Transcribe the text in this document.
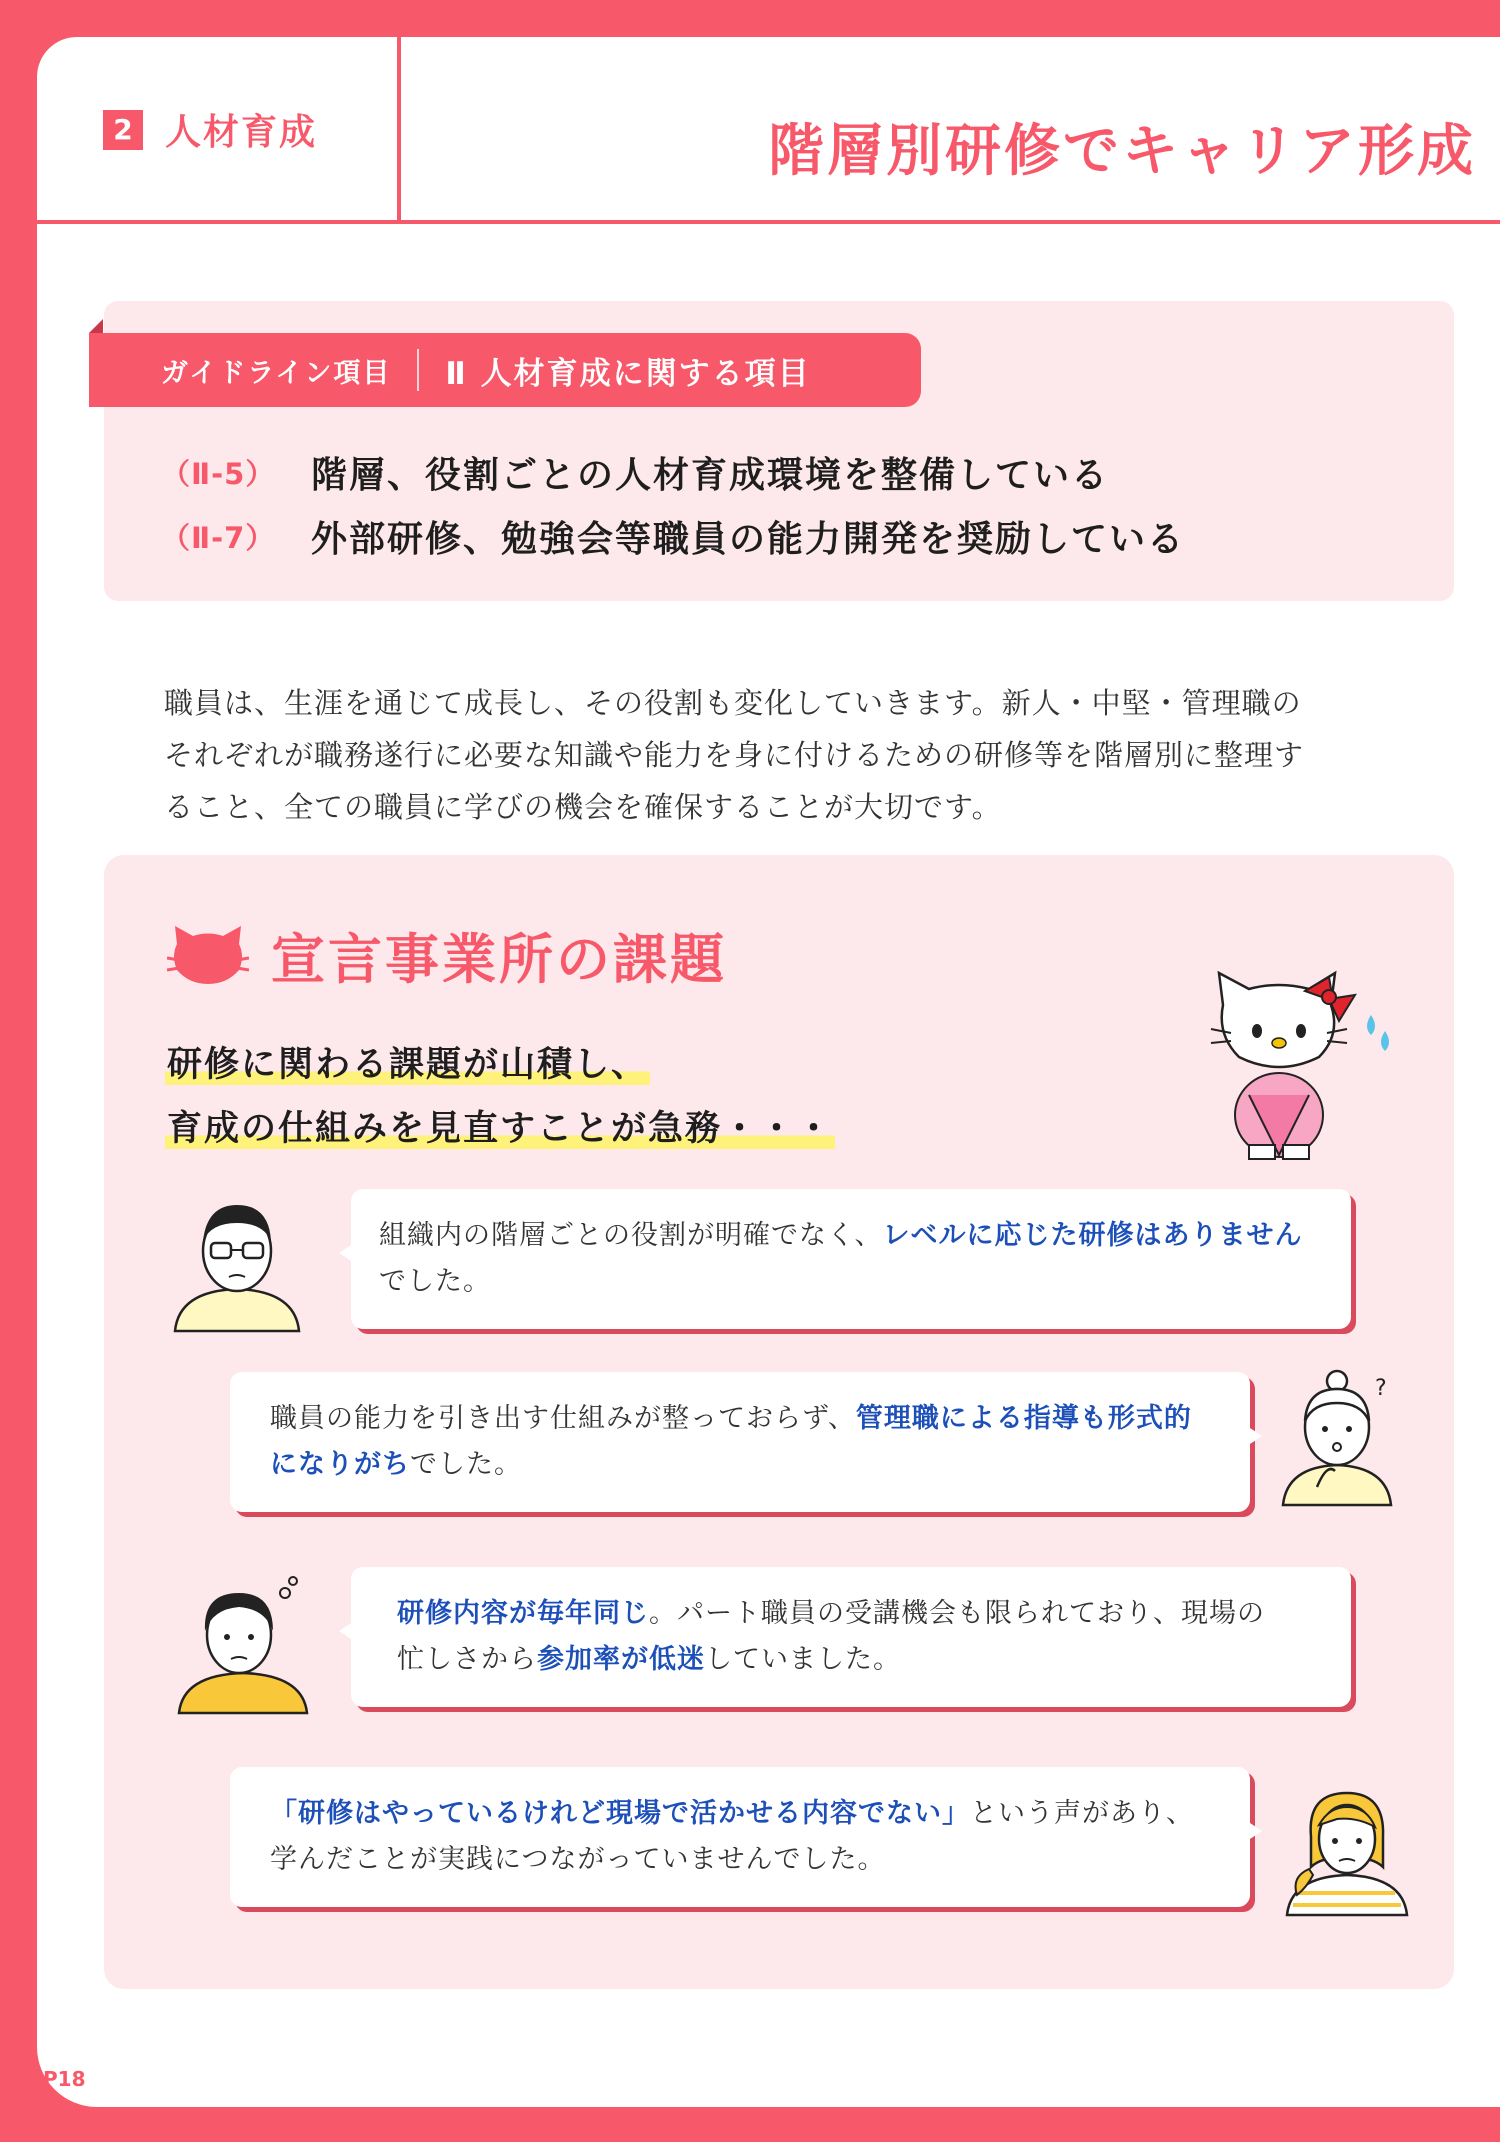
2 人材育成	階層別研修でキャリア形成
ガイドライン項目 Ⅱ 人材育成に関する項目
（Ⅱ-5） 階層、役割ごとの人材育成環境を整備している
（Ⅱ-7） 外部研修、勉強会等職員の能力開発を奨励している

職員は、生涯を通じて成長し、その役割も変化していきます。新人・中堅・管理職の

それぞれが職務遂行に必要な知識や能力を身に付けるための研修等を階層別に整理す

ること、全ての職員に学びの機会を確保することが大切です。

宣言事業所の課題
研修に関わる課題が山積し、
育成の仕組みを見直すことが急務・・・

組織内の階層ごとの役割が明確でなく、レベルに応じた研修はありません

でした。

職員の能力を引き出す仕組みが整っておらず、管理職による指導も形式的

になりがちでした。

?

研修内容が毎年同じ。パート職員の受講機会も限られており、現場の

忙しさから参加率が低迷していました。

「研修はやっているけれど現場で活かせる内容でない」という声があり、

学んだことが実践につながっていませんでした。

P18
